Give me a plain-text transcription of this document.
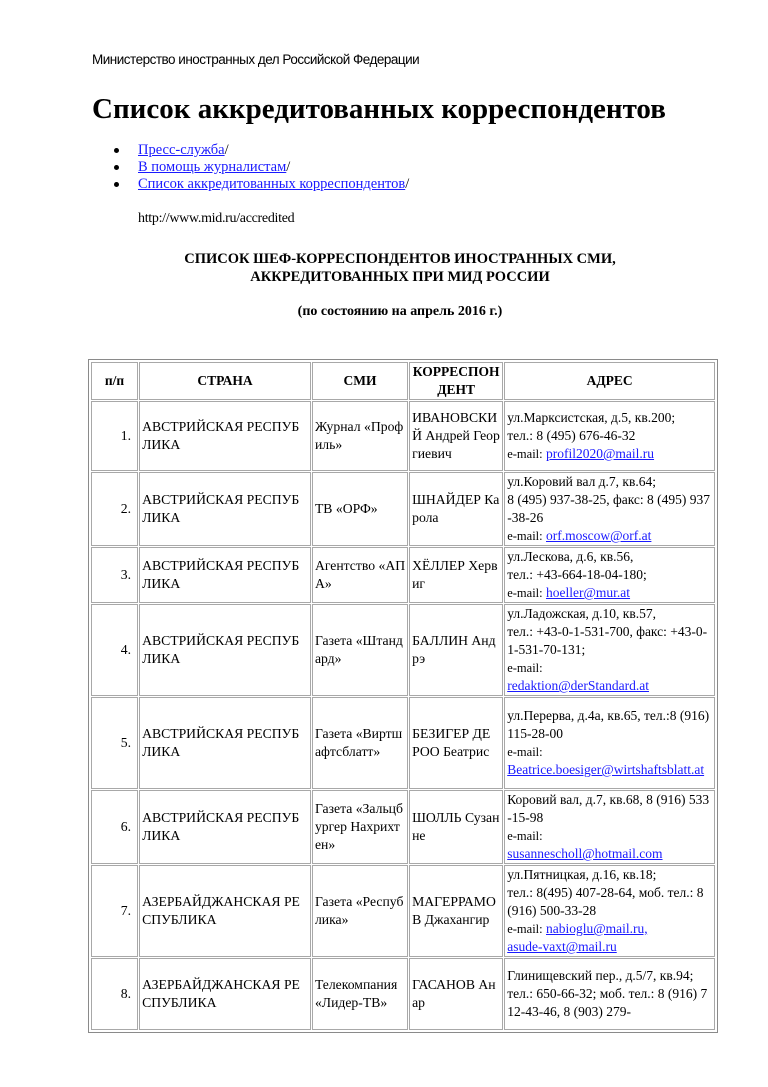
Министерство иностранных дел Российской Федерации
Список аккредитованных корреспондентов
Пресс-служба/
В помощь журналистам/
Список аккредитованных корреспондентов/
http://www.mid.ru/accredited
СПИСОК ШЕФ-КОРРЕСПОНДЕНТОВ ИНОСТРАННЫХ СМИ,
АККРЕДИТОВАННЫХ ПРИ МИД РОССИИ
(по состоянию на апрель 2016 г.)
п/п	СТРАНА	СМИ	КОРРЕСПОНДЕНТ	АДРЕС
1.	АВСТРИЙСКАЯ РЕСПУБЛИКА	Журнал «Профиль»	ИВАНОВСКИЙ Андрей Георгиевич	ул.Марксистская, д.5, кв.200;
тел.: 8 (495) 676-46-32
e-mail: profil2020@mail.ru

2.	АВСТРИЙСКАЯ РЕСПУБЛИКА	ТВ «ОРФ»	ШНАЙДЕР Карола	ул.Коровий вал д.7, кв.64;
8 (495) 937-38-25, факс: 8 (495) 937-38-26
e-mail: orf.moscow@orf.at

3.	АВСТРИЙСКАЯ РЕСПУБЛИКА	Агентство «АПА»	ХЁЛЛЕР Хервиг	ул.Лескова, д.6, кв.56,
тел.: +43-664-18-04-180;
e-mail: hoeller@mur.at

4.	АВСТРИЙСКАЯ РЕСПУБЛИКА	Газета «Штандард»	БАЛЛИН Андрэ	ул.Ладожская, д.10, кв.57,
тел.: +43-0-1-531-700, факс: +43-0-1-531-70-131;
e-mail:
redaktion@derStandard.at

5.	АВСТРИЙСКАЯ РЕСПУБЛИКА	Газета «Виртшафтсблатт»	БЕЗИГЕР ДЕ РОО Беатрис	ул.Перерва, д.4а, кв.65, тел.:8 (916) 115-28-00
e-mail:
Beatrice.boesiger@wirtshaftsblatt.at

6.	АВСТРИЙСКАЯ РЕСПУБЛИКА	Газета «Зальцбургер Нахрихтен»	ШОЛЛЬ Сузанне	Коровий вал, д.7, кв.68, 8 (916) 533-15-98
e-mail:
susannescholl@hotmail.com

7.	АЗЕРБАЙДЖАНСКАЯ РЕСПУБЛИКА	Газета «Республика»	МАГЕРРАМОВ Джахангир	ул.Пятницкая, д.16, кв.18;
тел.: 8(495) 407-28-64, моб. тел.: 8 (916) 500-33-28
e-mail: nabioglu@mail.ru,
asude-vaxt@mail.ru

8.	АЗЕРБАЙДЖАНСКАЯ РЕСПУБЛИКА	Телекомпания «Лидер-ТВ»	ГАСАНОВ Анар	Глинищевский пер., д.5/7, кв.94;
тел.: 650-66-32; моб. тел.: 8 (916) 712-43-46, 8 (903) 279-
